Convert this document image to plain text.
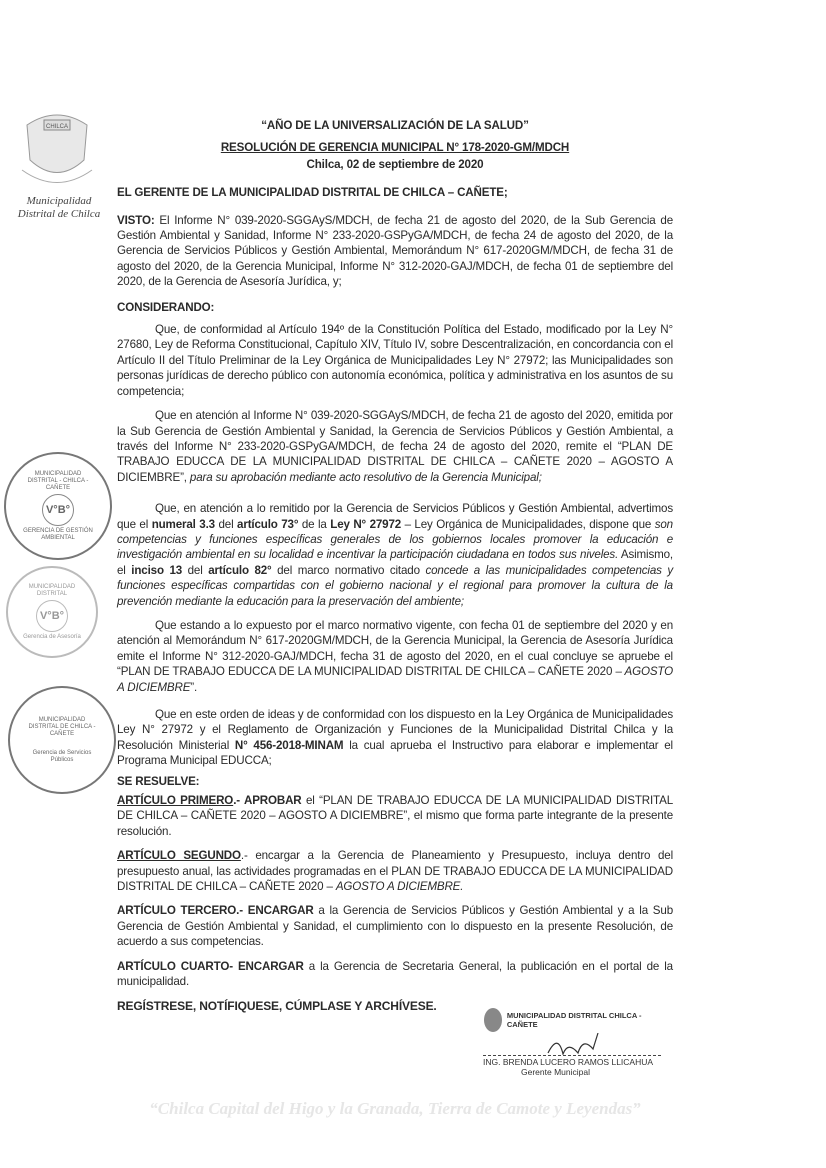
CHILCA
Municipalidad
Distrital de Chilca
MUNICIPALIDAD DISTRITAL - CHILCA - CAÑETE
V°B°
GERENCIA DE GESTIÓN AMBIENTAL
MUNICIPALIDAD DISTRITAL
V°B°
Gerencia de Asesoría
MUNICIPALIDAD DISTRITAL DE CHILCA - CAÑETE
Gerencia de Servicios Públicos
“AÑO DE LA UNIVERSALIZACIÓN DE LA SALUD”
RESOLUCIÓN DE GERENCIA MUNICIPAL N° 178-2020-GM/MDCH
Chilca, 02 de septiembre de 2020
EL GERENTE DE LA MUNICIPALIDAD DISTRITAL DE CHILCA – CAÑETE;
VISTO: El Informe N° 039-2020-SGGAyS/MDCH, de fecha 21 de agosto del 2020, de la Sub Gerencia de Gestión Ambiental y Sanidad, Informe N° 233-2020-GSPyGA/MDCH, de fecha 24 de agosto del 2020, de la Gerencia de Servicios Públicos y Gestión Ambiental, Memorándum N° 617-2020GM/MDCH, de fecha 31 de agosto del 2020, de la Gerencia Municipal, Informe N° 312-2020-GAJ/MDCH, de fecha 01 de septiembre del 2020, de la Gerencia de Asesoría Jurídica, y;
CONSIDERANDO:
Que, de conformidad al Artículo 194º de la Constitución Política del Estado, modificado por la Ley N° 27680, Ley de Reforma Constitucional, Capítulo XIV, Título IV, sobre Descentralización, en concordancia con el Artículo II del Título Preliminar de la Ley Orgánica de Municipalidades Ley N° 27972; las Municipalidades son personas jurídicas de derecho público con autonomía económica, política y administrativa en los asuntos de su competencia;
Que en atención al Informe N° 039-2020-SGGAyS/MDCH, de fecha 21 de agosto del 2020, emitida por la Sub Gerencia de Gestión Ambiental y Sanidad, la Gerencia de Servicios Públicos y Gestión Ambiental, a través del Informe N° 233-2020-GSPyGA/MDCH, de fecha 24 de agosto del 2020, remite el “PLAN DE TRABAJO EDUCCA DE LA MUNICIPALIDAD DISTRITAL DE CHILCA – CAÑETE 2020 – AGOSTO A DICIEMBRE”, para su aprobación mediante acto resolutivo de la Gerencia Municipal;
Que, en atención a lo remitido por la Gerencia de Servicios Públicos y Gestión Ambiental, advertimos que el numeral 3.3 del artículo 73° de la Ley N° 27972 – Ley Orgánica de Municipalidades, dispone que son competencias y funciones específicas generales de los gobiernos locales promover la educación e investigación ambiental en su localidad e incentivar la participación ciudadana en todos sus niveles. Asimismo, el inciso 13 del artículo 82° del marco normativo citado concede a las municipalidades competencias y funciones específicas compartidas con el gobierno nacional y el regional para promover la cultura de la prevención mediante la educación para la preservación del ambiente;
Que estando a lo expuesto por el marco normativo vigente, con fecha 01 de septiembre del 2020 y en atención al Memorándum N° 617-2020GM/MDCH, de la Gerencia Municipal, la Gerencia de Asesoría Jurídica emite el Informe N° 312-2020-GAJ/MDCH, fecha 31 de agosto del 2020, en el cual concluye se apruebe el “PLAN DE TRABAJO EDUCCA DE LA MUNICIPALIDAD DISTRITAL DE CHILCA – CAÑETE 2020 – AGOSTO A DICIEMBRE”.
Que en este orden de ideas y de conformidad con los dispuesto en la Ley Orgánica de Municipalidades Ley N° 27972 y el Reglamento de Organización y Funciones de la Municipalidad Distrital Chilca y la Resolución Ministerial N° 456-2018-MINAM la cual aprueba el Instructivo para elaborar e implementar el Programa Municipal EDUCCA;
SE RESUELVE:
ARTÍCULO PRIMERO.- APROBAR el “PLAN DE TRABAJO EDUCCA DE LA MUNICIPALIDAD DISTRITAL DE CHILCA – CAÑETE 2020 – AGOSTO A DICIEMBRE”, el mismo que forma parte integrante de la presente resolución.
ARTÍCULO SEGUNDO.- encargar a la Gerencia de Planeamiento y Presupuesto, incluya dentro del presupuesto anual, las actividades programadas en el PLAN DE TRABAJO EDUCCA DE LA MUNICIPALIDAD DISTRITAL DE CHILCA – CAÑETE 2020 – AGOSTO A DICIEMBRE.
ARTÍCULO TERCERO.- ENCARGAR a la Gerencia de Servicios Públicos y Gestión Ambiental y a la Sub Gerencia de Gestión Ambiental y Sanidad, el cumplimiento con lo dispuesto en la presente Resolución, de acuerdo a sus competencias.
ARTÍCULO CUARTO- ENCARGAR a la Gerencia de Secretaria General, la publicación en el portal de la municipalidad.
REGÍSTRESE, NOTÍFIQUESE, CÚMPLASE Y ARCHÍVESE.
MUNICIPALIDAD DISTRITAL CHILCA - CAÑETE
ING. BRENDA LUCERO RAMOS LLICAHUA
Gerente Municipal
“Chilca Capital del Higo y la Granada, Tierra de Camote y Leyendas”
